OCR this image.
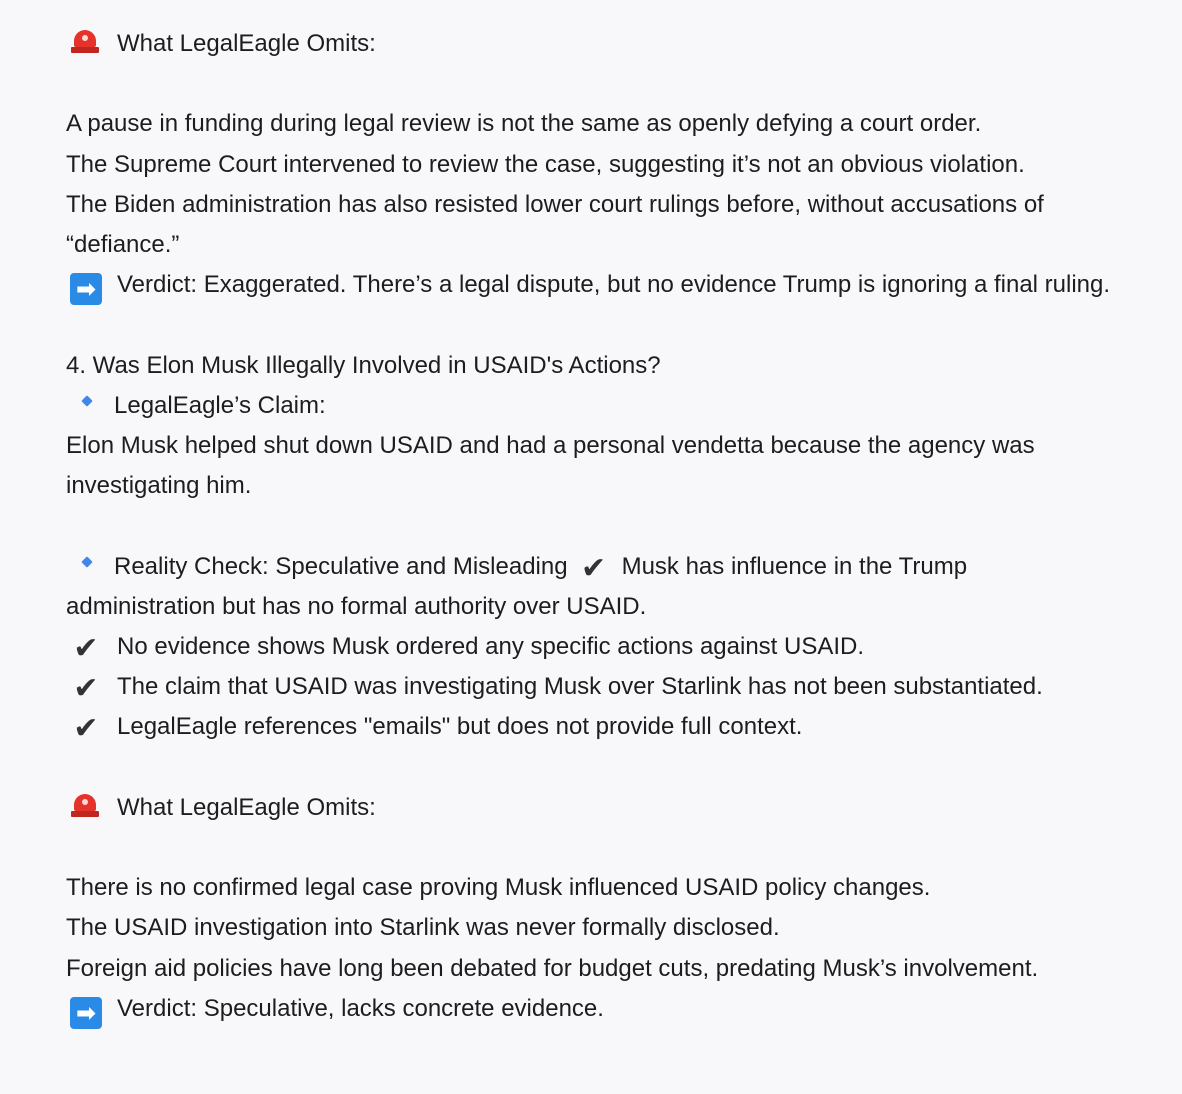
What LegalEagle Omits:
A pause in funding during legal review is not the same as openly defying a court order.
The Supreme Court intervened to review the case, suggesting it’s not an obvious violation.
The Biden administration has also resisted lower court rulings before, without accusations of “defiance.”
➡ Verdict: Exaggerated. There’s a legal dispute, but no evidence Trump is ignoring a final ruling.
4. Was Elon Musk Illegally Involved in USAID's Actions?
LegalEagle’s Claim:
Elon Musk helped shut down USAID and had a personal vendetta because the agency was investigating him.
Reality Check: Speculative and Misleading ✔ Musk has influence in the Trump
administration but has no formal authority over USAID.
✔ No evidence shows Musk ordered any specific actions against USAID.
✔ The claim that USAID was investigating Musk over Starlink has not been substantiated.
✔ LegalEagle references "emails" but does not provide full context.
What LegalEagle Omits:
There is no confirmed legal case proving Musk influenced USAID policy changes.
The USAID investigation into Starlink was never formally disclosed.
Foreign aid policies have long been debated for budget cuts, predating Musk’s involvement.
➡ Verdict: Speculative, lacks concrete evidence.
